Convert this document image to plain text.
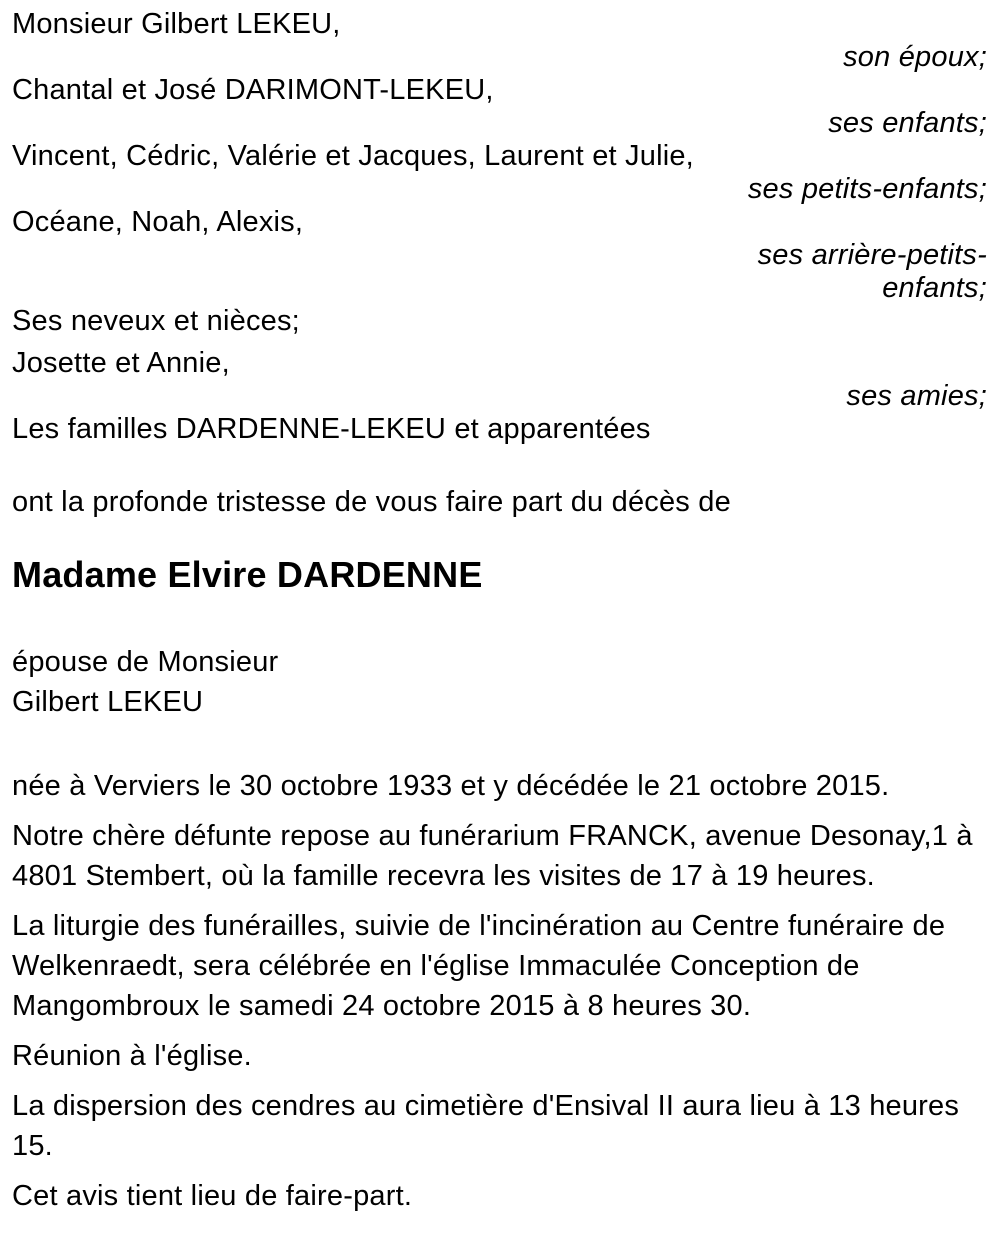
Monsieur Gilbert LEKEU,
son époux;
Chantal et José DARIMONT-LEKEU,
ses enfants;
Vincent, Cédric, Valérie et Jacques, Laurent et Julie,
ses petits-enfants;
Océane, Noah, Alexis,
ses arrière-petits-enfants;
Ses neveux et nièces;
Josette et Annie,
ses amies;
Les familles DARDENNE-LEKEU et apparentées

ont la profonde tristesse de vous faire part du décès de

Madame Elvire DARDENNE
épouse de Monsieur
Gilbert LEKEU

née à Verviers le 30 octobre 1933 et y décédée le 21 octobre 2015.

Notre chère défunte repose au funérarium FRANCK, avenue Desonay,1 à 4801 Stembert, où la famille recevra les visites de 17 à 19 heures.

La liturgie des funérailles, suivie de l'incinération au Centre funéraire de Welkenraedt, sera célébrée en l'église Immaculée Conception de Mangombroux le samedi 24 octobre 2015 à 8 heures 30.

Réunion à l'église.

La dispersion des cendres au cimetière d'Ensival II aura lieu à 13 heures 15.

Cet avis tient lieu de faire-part.
